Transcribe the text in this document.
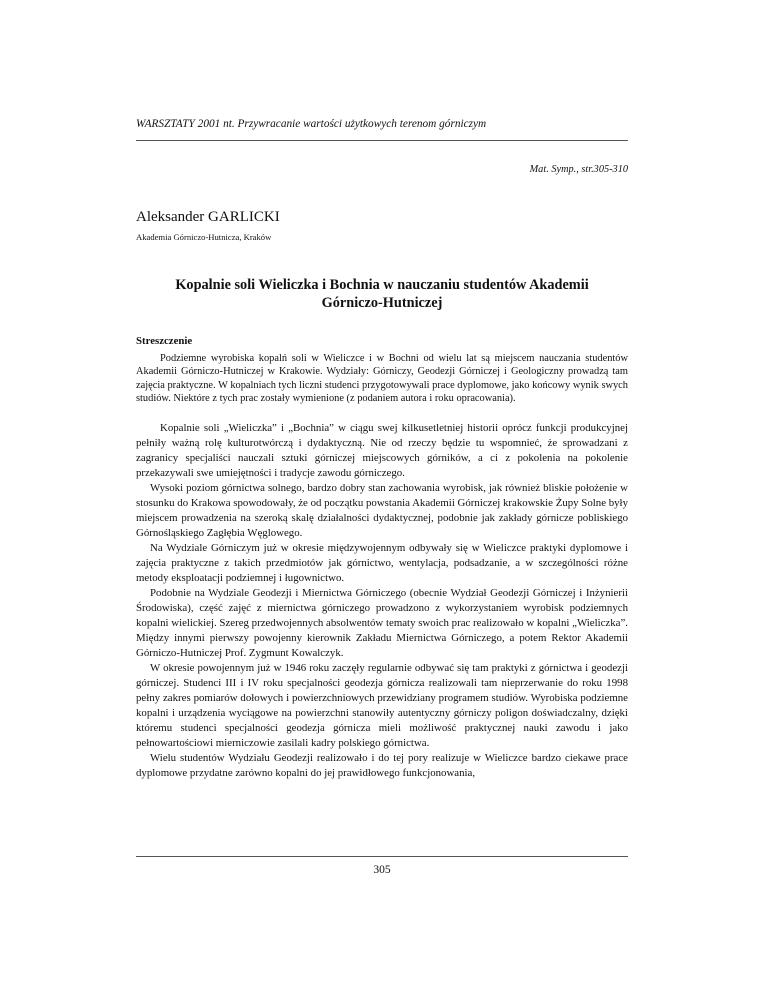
WARSZTATY 2001 nt. Przywracanie wartości użytkowych terenom górniczym
Mat. Symp., str.305-310
Aleksander GARLICKI
Akademia Górniczo-Hutnicza, Kraków
Kopalnie soli Wieliczka i Bochnia w nauczaniu studentów Akademii
Górniczo-Hutniczej
Streszczenie

Podziemne wyrobiska kopalń soli w Wieliczce i w Bochni od wielu lat są miejscem nauczania studentów Akademii Górniczo-Hutniczej w Krakowie. Wydziały: Górniczy, Geodezji Górniczej i Geologiczny prowadzą tam zajęcia praktyczne. W kopalniach tych liczni studenci przygotowywali prace dyplomowe, jako końcowy wynik swych studiów. Niektóre z tych prac zostały wymienione (z podaniem autora i roku opracowania).

Kopalnie soli „Wieliczka” i „Bochnia” w ciągu swej kilkusetletniej historii oprócz funkcji produkcyjnej pełniły ważną rolę kulturotwórczą i dydaktyczną. Nie od rzeczy będzie tu wspomnieć, że sprowadzani z zagranicy specjaliści nauczali sztuki górniczej miejscowych górników, a ci z pokolenia na pokolenie przekazywali swe umiejętności i tradycje zawodu górniczego.

Wysoki poziom górnictwa solnego, bardzo dobry stan zachowania wyrobisk, jak również bliskie położenie w stosunku do Krakowa spowodowały, że od początku powstania Akademii Górniczej krakowskie Żupy Solne były miejscem prowadzenia na szeroką skalę działalności dydaktycznej, podobnie jak zakłady górnicze pobliskiego Górnośląskiego Zagłębia Węglowego.

Na Wydziale Górniczym już w okresie międzywojennym odbywały się w Wieliczce praktyki dyplomowe i zajęcia praktyczne z takich przedmiotów jak górnictwo, wentylacja, podsadzanie, a w szczególności różne metody eksploatacji podziemnej i ługownictwo.

Podobnie na Wydziale Geodezji i Miernictwa Górniczego (obecnie Wydział Geodezji Górniczej i Inżynierii Środowiska), część zajęć z miernictwa górniczego prowadzono z wykorzystaniem wyrobisk podziemnych kopalni wielickiej. Szereg przedwojennych absolwentów tematy swoich prac realizowało w kopalni „Wieliczka”. Między innymi pierwszy powojenny kierownik Zakładu Miernictwa Górniczego, a potem Rektor Akademii Górniczo-Hutniczej Prof. Zygmunt Kowalczyk.

W okresie powojennym już w 1946 roku zaczęły regularnie odbywać się tam praktyki z górnictwa i geodezji górniczej. Studenci III i IV roku specjalności geodezja górnicza realizowali tam nieprzerwanie do roku 1998 pełny zakres pomiarów dołowych i powierzchniowych przewidziany programem studiów. Wyrobiska podziemne kopalni i urządzenia wyciągowe na powierzchni stanowiły autentyczny górniczy poligon doświadczalny, dzięki któremu studenci specjalności geodezja górnicza mieli możliwość praktycznej nauki zawodu i jako pełnowartościowi mierniczowie zasilali kadry polskiego górnictwa.

Wielu studentów Wydziału Geodezji realizowało i do tej pory realizuje w Wieliczce bardzo ciekawe prace dyplomowe przydatne zarówno kopalni do jej prawidłowego funkcjonowania,

305
